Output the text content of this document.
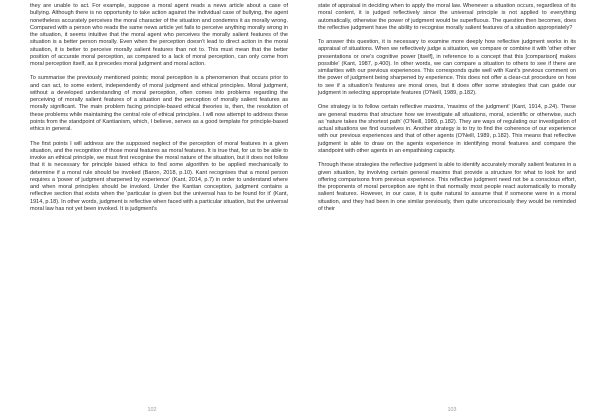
they are unable to act. For example, suppose a moral agent reads a news article about a case of bullying. Although there is no opportunity to take action against the individual case of bullying, the agent nonetheless accurately perceives the moral character of the situation and condemns it as morally wrong. Compared with a person who reads the same news article yet fails to perceive anything morally wrong in the situation, it seems intuitive that the moral agent who perceives the morally salient features of the situation is a better person morally. Even when the perception doesn't lead to direct action in the moral situation, it is better to perceive morally salient features than not to. This must mean that the better position of accurate moral perception, as compared to a lack of moral perception, can only come from moral perception itself, as it precedes moral judgment and moral action.

To summarise the previously mentioned points; moral perception is a phenomenon that occurs prior to and can act, to some extent, independently of moral judgment and ethical principles. Moral judgment, without a developed understanding of moral perception, often comes into problems regarding the perceiving of morally salient features of a situation and the perception of morally salient features as morally significant. The main problem facing principle-based ethical theories is, then, the resolution of these problems while maintaining the central role of ethical principles. I will now attempt to address these points from the standpoint of Kantianism, which, I believe, serves as a good template for principle-based ethics in general.

The first points I will address are the supposed neglect of the perception of moral features in a given situation, and the recognition of those moral features as moral features. It is true that, for us to be able to invoke an ethical principle, we must first recognise the moral nature of the situation, but it does not follow that it is necessary for principle based ethics to find some algorithm to be applied mechanically to determine if a moral rule should be invoked (Baron, 2018, p.10). Kant recognises that a moral person requires a 'power of judgment sharpened by experience' (Kant, 2014, p.7) in order to understand where and when moral principles should be invoked. Under the Kantian conception, judgment contains a reflective section that exists when the 'particular is given but the universal has to be found for it' (Kant, 1914, p.18). In other words, judgment is reflective when faced with a particular situation, but the universal moral law has not yet been invoked. It is judgment's

state of appraisal in deciding when to apply the moral law. Whenever a situation occurs, regardless of its moral content, it is judged reflectively since the universal principle is not applied to everything automatically, otherwise the power of judgment would be superfluous. The question then becomes, does the reflective judgment have the ability to recognise morally salient features of a situation appropriately?

To answer this question, it is necessary to examine more deeply how reflective judgment works in its appraisal of situations. When we reflectively judge a situation, we compare or combine it with 'other other presentations or one's cognitive power [itself], in reference to a concept that this [comparison] makes possible' (Kant, 1987, p.400). In other words, we can compare a situation to others to see if there are similarities with our previous experiences. This corresponds quite well with Kant's previous comment on the power of judgment being sharpened by experience. This does not offer a clear-cut procedure on how to see if a situation's features are moral ones, but it does offer some strategies that can guide our judgment in selecting appropriate features (O'Neill, 1989, p.182).

One strategy is to follow certain reflective maxims, 'maxims of the judgment' (Kant, 1914, p.24). These are general maxims that structure how we investigate all situations, moral, scientific or otherwise, such as 'nature takes the shortest path' (O'Neill, 1989, p.182). They are ways of regulating our investigation of actual situations we find ourselves in. Another strategy is to try to find the coherence of our experience with our previous experiences and that of other agents (O'Neill, 1989, p.182). This means that reflective judgment is able to draw on the agents experience in identifying moral features and compare the standpoint with other agents in an empathising capacity.

Through these strategies the reflective judgment is able to identify accurately morally salient features in a given situation, by involving certain general maxims that provide a structure for what to look for and offering comparisons from previous experience. This reflective judgment need not be a conscious effort, the proponents of moral perception are right in that normally most people react automatically to morally salient features. However, in our case, it is quite natural to assume that if someone were in a moral situation, and they had been in one similar previously, then quite unconsciously they would be reminded of their

102	103
